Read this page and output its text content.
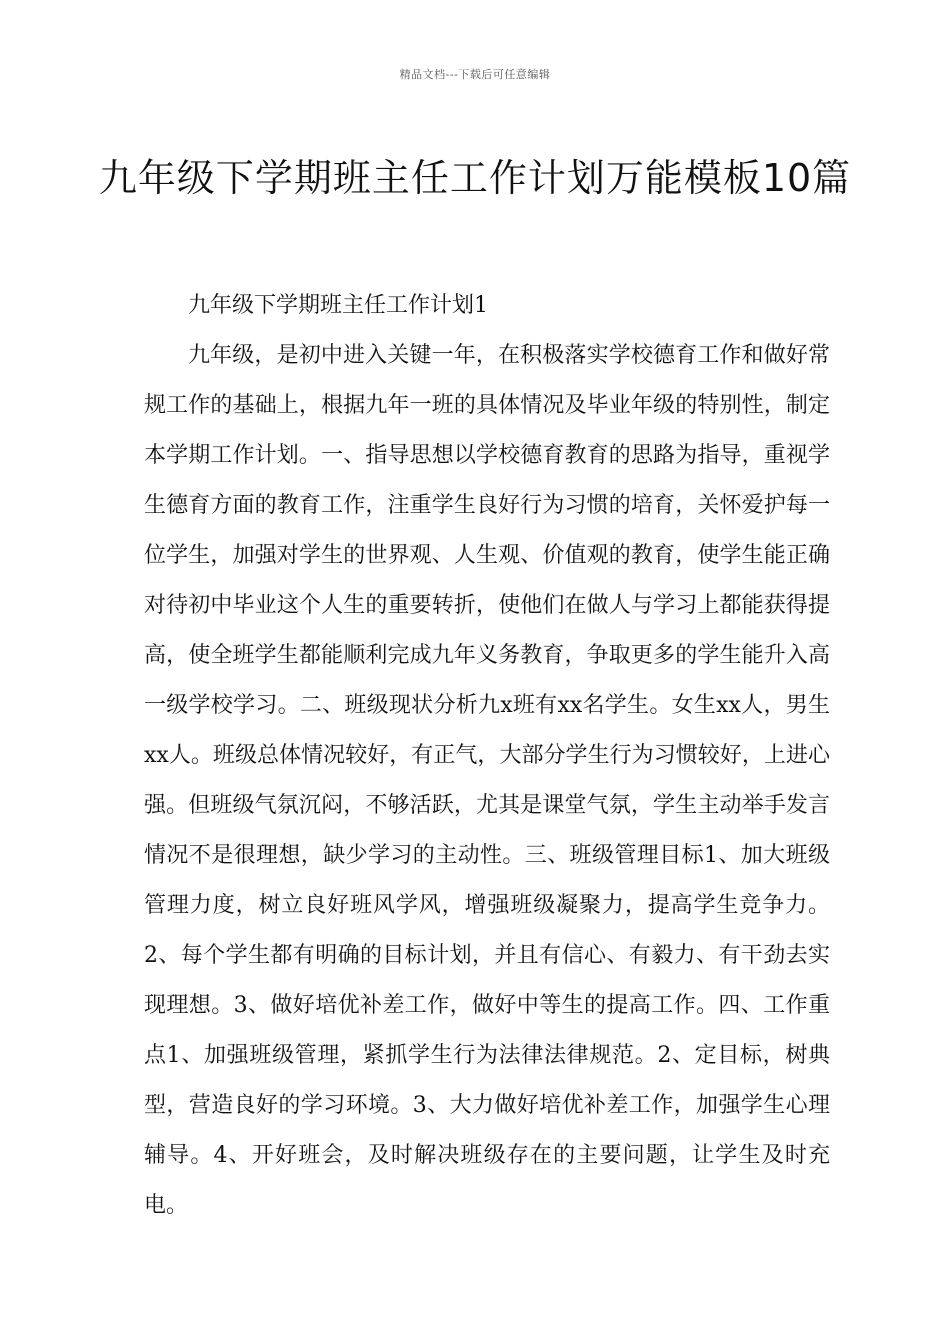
精品文档---下载后可任意编辑
九年级下学期班主任工作计划万能模板10篇

九年级下学期班主任工作计划1

九年级，是初中进入关键一年，在积极落实学校德育工作和做好常规工作的基础上，根据九年一班的具体情况及毕业年级的特别性，制定本学期工作计划。一、指导思想以学校德育教育的思路为指导，重视学生德育方面的教育工作，注重学生良好行为习惯的培育，关怀爱护每一位学生，加强对学生的世界观、人生观、价值观的教育，使学生能正确对待初中毕业这个人生的重要转折，使他们在做人与学习上都能获得提高，使全班学生都能顺利完成九年义务教育，争取更多的学生能升入高一级学校学习。二、班级现状分析九x班有xx名学生。女生xx人，男生xx人。班级总体情况较好，有正气，大部分学生行为习惯较好，上进心强。但班级气氛沉闷，不够活跃，尤其是课堂气氛，学生主动举手发言情况不是很理想，缺少学习的主动性。三、班级管理目标1、加大班级管理力度，树立良好班风学风，增强班级凝聚力，提高学生竞争力。2、每个学生都有明确的目标计划，并且有信心、有毅力、有干劲去实现理想。3、做好培优补差工作，做好中等生的提高工作。四、工作重点1、加强班级管理，紧抓学生行为法律法律规范。2、定目标，树典型，营造良好的学习环境。3、大力做好培优补差工作，加强学生心理辅导。4、开好班会，及时解决班级存在的主要问题，让学生及时充电。
